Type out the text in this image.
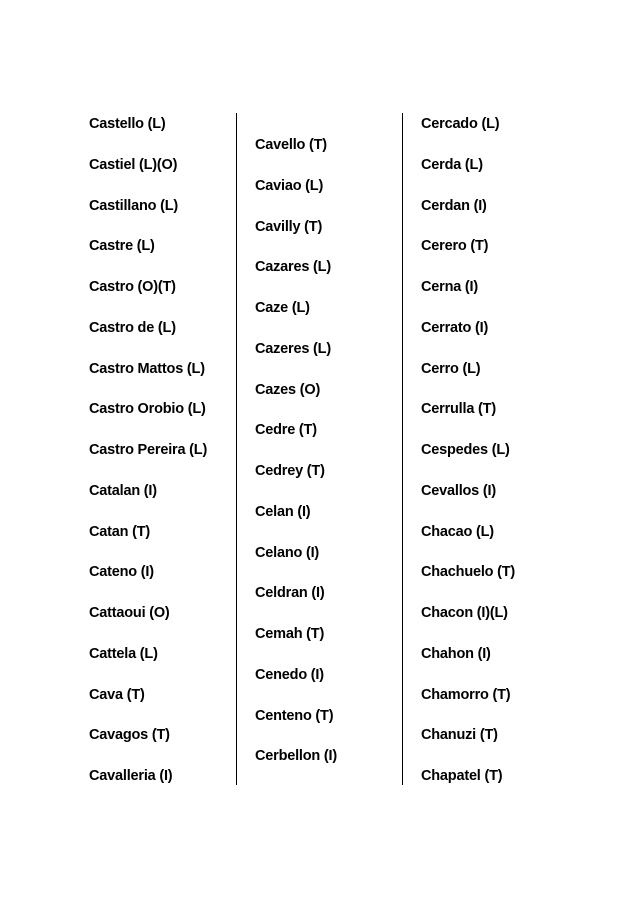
Castello (L)
Castiel (L)(O)
Castillano (L)
Castre (L)
Castro (O)(T)
Castro de (L)
Castro Mattos (L)
Castro Orobio (L)
Castro Pereira (L)
Catalan (I)
Catan (T)
Cateno (I)
Cattaoui (O)
Cattela (L)
Cava (T)
Cavagos (T)
Cavalleria (I)
Cavello (T)
Caviao (L)
Cavilly (T)
Cazares (L)
Caze (L)
Cazeres (L)
Cazes (O)
Cedre (T)
Cedrey (T)
Celan (I)
Celano (I)
Celdran (I)
Cemah (T)
Cenedo (I)
Centeno (T)
Cerbellon (I)
Cercado (L)
Cerda (L)
Cerdan (I)
Cerero (T)
Cerna (I)
Cerrato (I)
Cerro (L)
Cerrulla (T)
Cespedes (L)
Cevallos (I)
Chacao (L)
Chachuelo (T)
Chacon (I)(L)
Chahon (I)
Chamorro (T)
Chanuzi (T)
Chapatel (T)
